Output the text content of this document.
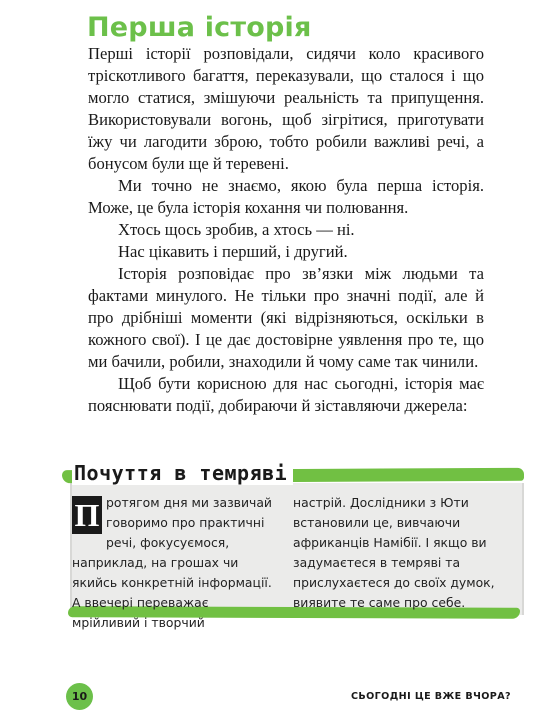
Перша історія

Перші історії розповідали, сидячи коло красивого тріскотливого багаття, переказували, що сталося і що могло статися, змішуючи реальність та припущення. Використовували вогонь, щоб зігрітися, приготувати їжу чи лагодити зброю, тобто робили важливі речі, а бонусом були ще й теревені.

Ми точно не знаємо, якою була перша історія. Може, це була історія кохання чи полювання.

Хтось щось зробив, а хтось — ні.

Нас цікавить і перший, і другий.

Історія розповідає про зв’язки між людьми та фактами минулого. Не тільки про значні події, але й про дрібніші моменти (які відрізняються, оскільки в кожного свої). І це дає достовірне уявлення про те, що ми бачили, робили, знаходили й чому саме так чинили.

Щоб бути корисною для нас сьогодні, історія має пояснювати події, добираючи й зіставляючи джерела:

Почуття в темряві

П ротягом дня ми зазвичай говоримо про практичні речі, фокусуємося, наприклад, на грошах чи якийсь конкретній інформації. А ввечері переважає мрійливий і творчий

настрій. Дослідники з Юти встановили це, вивчаючи африканців Намібії. І якщо ви задумаєтеся в темряві та прислухаєтеся до своїх думок, виявите те саме про себе.

10	СЬОГОДНІ ЦЕ ВЖЕ ВЧОРА?
